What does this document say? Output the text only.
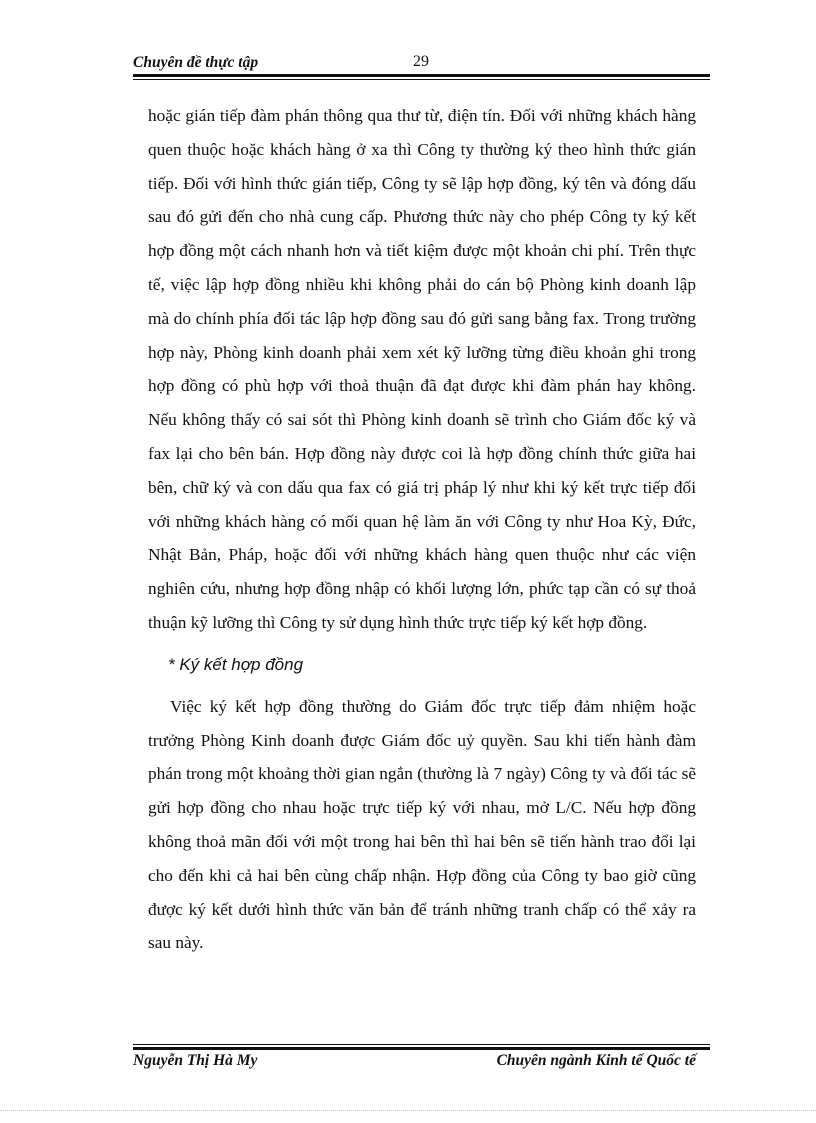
Chuyên đề thực tập	29

hoặc gián tiếp đàm phán thông qua thư từ, điện tín. Đối với những khách hàng quen thuộc hoặc khách hàng ở xa thì Công ty thường ký theo hình thức gián tiếp. Đối với hình thức gián tiếp, Công ty sẽ lập hợp đồng, ký tên và đóng dấu sau đó gửi đến cho nhà cung cấp. Phương thức này cho phép Công ty ký kết hợp đồng một cách nhanh hơn và tiết kiệm được một khoản chi phí. Trên thực tế, việc lập hợp đồng nhiều khi không phải do cán bộ Phòng kinh doanh lập mà do chính phía đối tác lập hợp đồng sau đó gửi sang bằng fax. Trong trường hợp này, Phòng kinh doanh phải xem xét kỹ lưỡng từng điều khoản ghi trong hợp đồng có phù hợp với thoả thuận đã đạt được khi đàm phán hay không. Nếu không thấy có sai sót thì Phòng kinh doanh sẽ trình cho Giám đốc ký và fax lại cho bên bán. Hợp đồng này được coi là hợp đồng chính thức giữa hai bên, chữ ký và con dấu qua fax có giá trị pháp lý như khi ký kết trực tiếp đối với những khách hàng có mối quan hệ làm ăn với Công ty như Hoa Kỳ, Đức, Nhật Bản, Pháp, hoặc đối với những khách hàng quen thuộc như các viện nghiên cứu, nhưng hợp đồng nhập có khối lượng lớn, phức tạp cần có sự thoả thuận kỹ lưỡng thì Công ty sử dụng hình thức trực tiếp ký kết hợp đồng.

* Ký kết hợp đồng

Việc ký kết hợp đồng thường do Giám đốc trực tiếp đảm nhiệm hoặc trưởng Phòng Kinh doanh được Giám đốc uỷ quyền. Sau khi tiến hành đàm phán trong một khoảng thời gian ngắn (thường là 7 ngày) Công ty và đối tác sẽ gửi hợp đồng cho nhau hoặc trực tiếp ký với nhau, mở L/C. Nếu hợp đồng không thoả mãn đối với một trong hai bên thì hai bên sẽ tiến hành trao đổi lại cho đến khi cả hai bên cùng chấp nhận. Hợp đồng của Công ty bao giờ cũng được ký kết dưới hình thức văn bản để tránh những tranh chấp có thể xảy ra sau này.

Nguyễn Thị Hà My	Chuyên ngành Kinh tế Quốc tế
